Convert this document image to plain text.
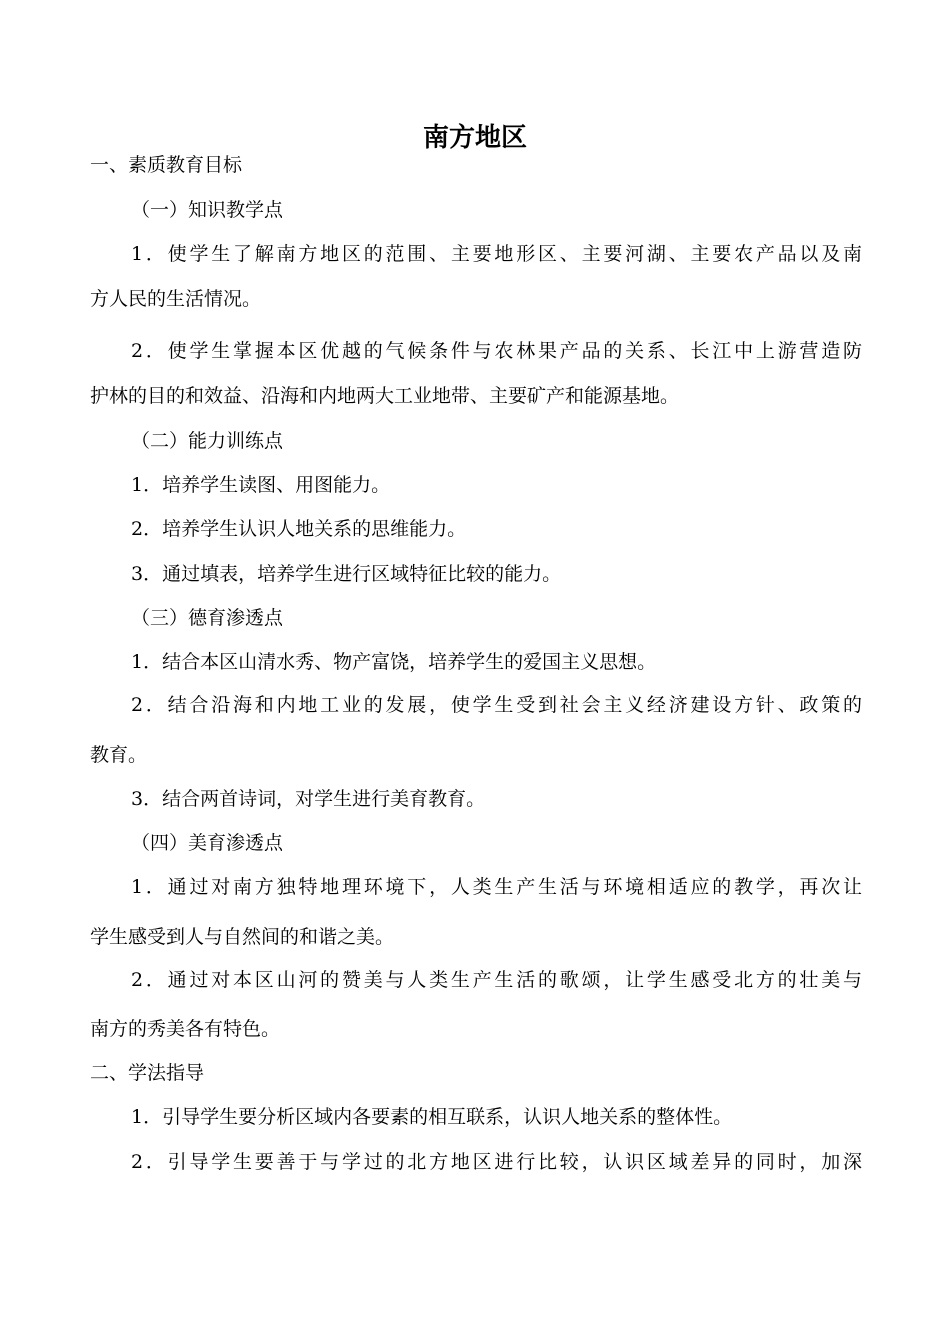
南方地区
一、素质教育目标
（一）知识教学点
1．使学生了解南方地区的范围、主要地形区、主要河湖、主要农产品以及南
方人民的生活情况。
2．使学生掌握本区优越的气候条件与农林果产品的关系、长江中上游营造防
护林的目的和效益、沿海和内地两大工业地带、主要矿产和能源基地。
（二）能力训练点
1．培养学生读图、用图能力。
2．培养学生认识人地关系的思维能力。
3．通过填表，培养学生进行区域特征比较的能力。
（三）德育渗透点
1．结合本区山清水秀、物产富饶，培养学生的爱国主义思想。
2．结合沿海和内地工业的发展，使学生受到社会主义经济建设方针、政策的
教育。
3．结合两首诗词，对学生进行美育教育。
（四）美育渗透点
1．通过对南方独特地理环境下，人类生产生活与环境相适应的教学，再次让
学生感受到人与自然间的和谐之美。
2．通过对本区山河的赞美与人类生产生活的歌颂，让学生感受北方的壮美与
南方的秀美各有特色。
二、学法指导
1．引导学生要分析区域内各要素的相互联系，认识人地关系的整体性。
2．引导学生要善于与学过的北方地区进行比较，认识区域差异的同时，加深
